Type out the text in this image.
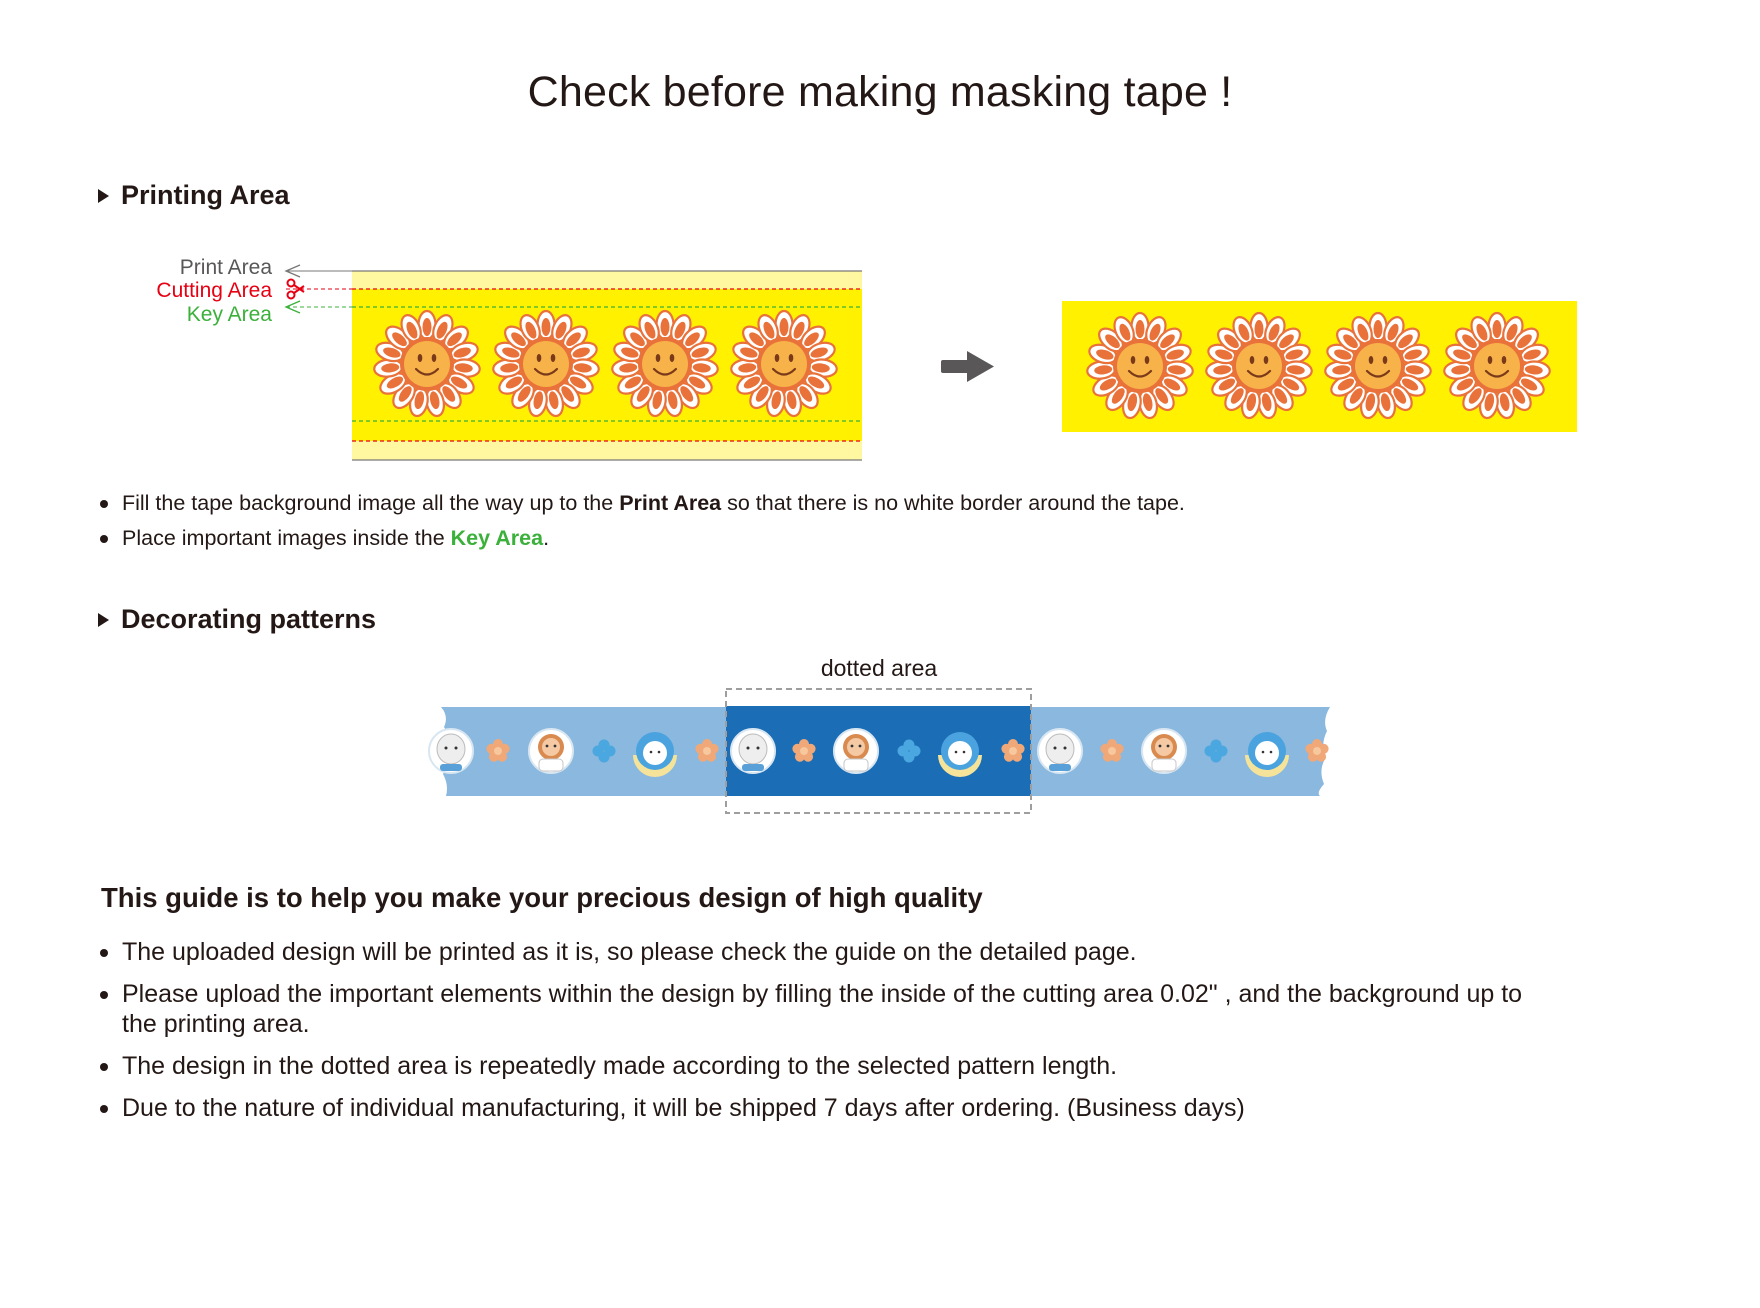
Check before making masking tape !
Printing Area
Print Area
Cutting Area
Key Area
Fill the tape background image all the way up to the Print Area so that there is no white border around the tape.
Place important images inside the Key Area.
Decorating patterns
dotted area
This guide is to help you make your precious design of high quality
The uploaded design will be printed as it is, so please check the guide on the detailed page.
Please upload the important elements within the design by filling the inside of the cutting area 0.02" , and the background up to the printing area.
The design in the dotted area is repeatedly made according to the selected pattern length.
Due to the nature of individual manufacturing, it will be shipped 7 days after ordering. (Business days)
